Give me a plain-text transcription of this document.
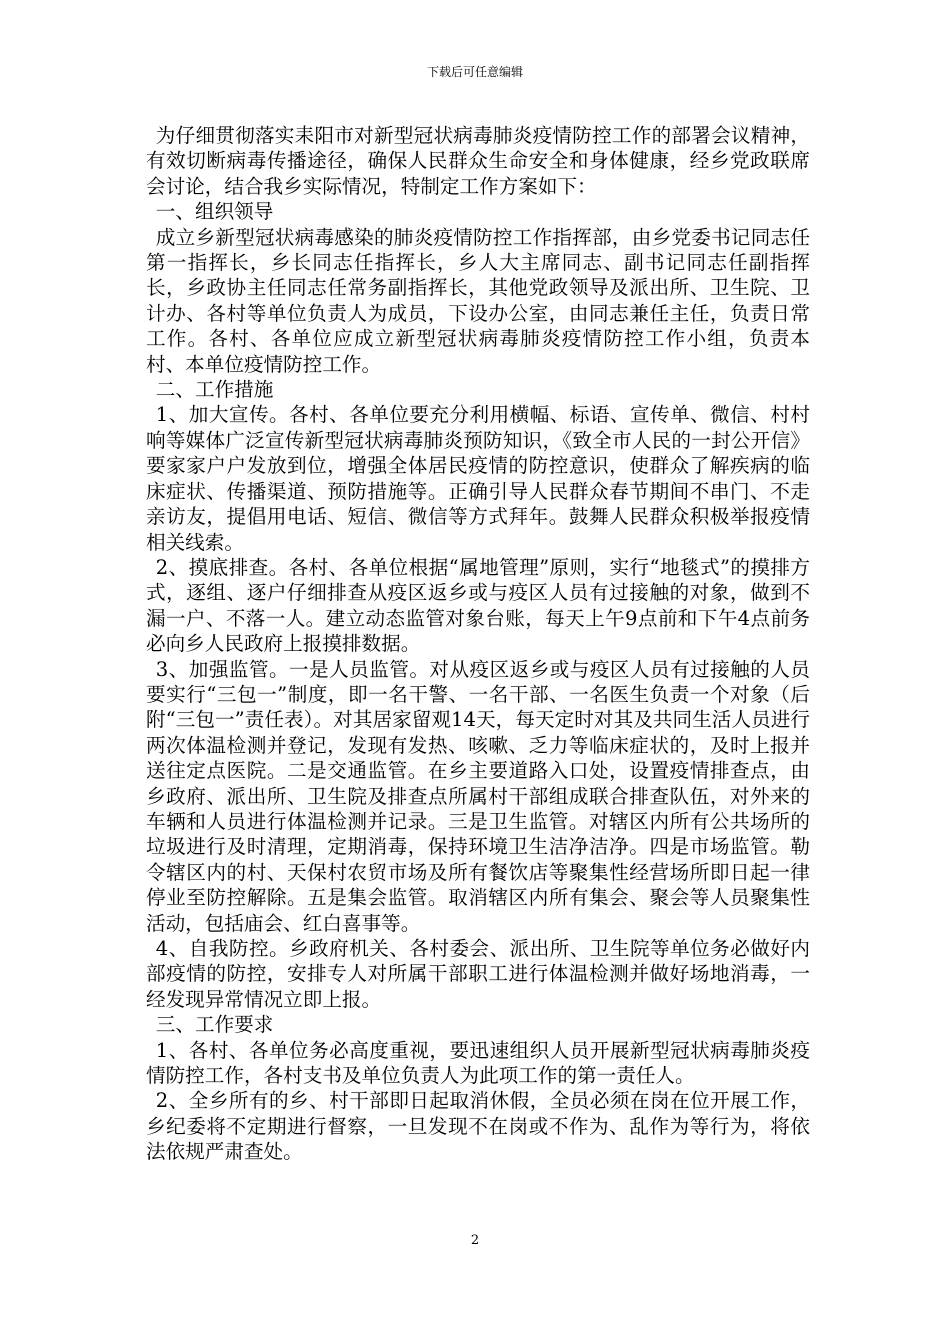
下载后可任意编辑

为仔细贯彻落实耒阳市对新型冠状病毒肺炎疫情防控工作的部署会议精神，有效切断病毒传播途径，确保人民群众生命安全和身体健康，经乡党政联席会讨论，结合我乡实际情况，特制定工作方案如下：

一、组织领导

成立乡新型冠状病毒感染的肺炎疫情防控工作指挥部，由乡党委书记同志任第一指挥长，乡长同志任指挥长，乡人大主席同志、副书记同志任副指挥长，乡政协主任同志任常务副指挥长，其他党政领导及派出所、卫生院、卫计办、各村等单位负责人为成员，下设办公室，由同志兼任主任，负责日常工作。各村、各单位应成立新型冠状病毒肺炎疫情防控工作小组，负责本村、本单位疫情防控工作。

二、工作措施

1、加大宣传。各村、各单位要充分利用横幅、标语、宣传单、微信、村村响等媒体广泛宣传新型冠状病毒肺炎预防知识，《致全市人民的一封公开信》要家家户户发放到位，增强全体居民疫情的防控意识，使群众了解疾病的临床症状、传播渠道、预防措施等。正确引导人民群众春节期间不串门、不走亲访友，提倡用电话、短信、微信等方式拜年。鼓舞人民群众积极举报疫情相关线索。

2、摸底排查。各村、各单位根据“属地管理”原则，实行“地毯式”的摸排方式，逐组、逐户仔细排查从疫区返乡或与疫区人员有过接触的对象，做到不漏一户、不落一人。建立动态监管对象台账，每天上午9点前和下午4点前务必向乡人民政府上报摸排数据。

3、加强监管。一是人员监管。对从疫区返乡或与疫区人员有过接触的人员要实行“三包一”制度，即一名干警、一名干部、一名医生负责一个对象（后附“三包一”责任表）。对其居家留观14天，每天定时对其及共同生活人员进行两次体温检测并登记，发现有发热、咳嗽、乏力等临床症状的，及时上报并送往定点医院。二是交通监管。在乡主要道路入口处，设置疫情排查点，由乡政府、派出所、卫生院及排查点所属村干部组成联合排查队伍，对外来的车辆和人员进行体温检测并记录。三是卫生监管。对辖区内所有公共场所的垃圾进行及时清理，定期消毒，保持环境卫生洁净洁净。四是市场监管。勒令辖区内的村、天保村农贸市场及所有餐饮店等聚集性经营场所即日起一律停业至防控解除。五是集会监管。取消辖区内所有集会、聚会等人员聚集性活动，包括庙会、红白喜事等。

4、自我防控。乡政府机关、各村委会、派出所、卫生院等单位务必做好内部疫情的防控，安排专人对所属干部职工进行体温检测并做好场地消毒，一经发现异常情况立即上报。

三、工作要求

1、各村、各单位务必高度重视，要迅速组织人员开展新型冠状病毒肺炎疫情防控工作，各村支书及单位负责人为此项工作的第一责任人。

2、全乡所有的乡、村干部即日起取消休假，全员必须在岗在位开展工作，乡纪委将不定期进行督察，一旦发现不在岗或不作为、乱作为等行为，将依法依规严肃查处。

2
